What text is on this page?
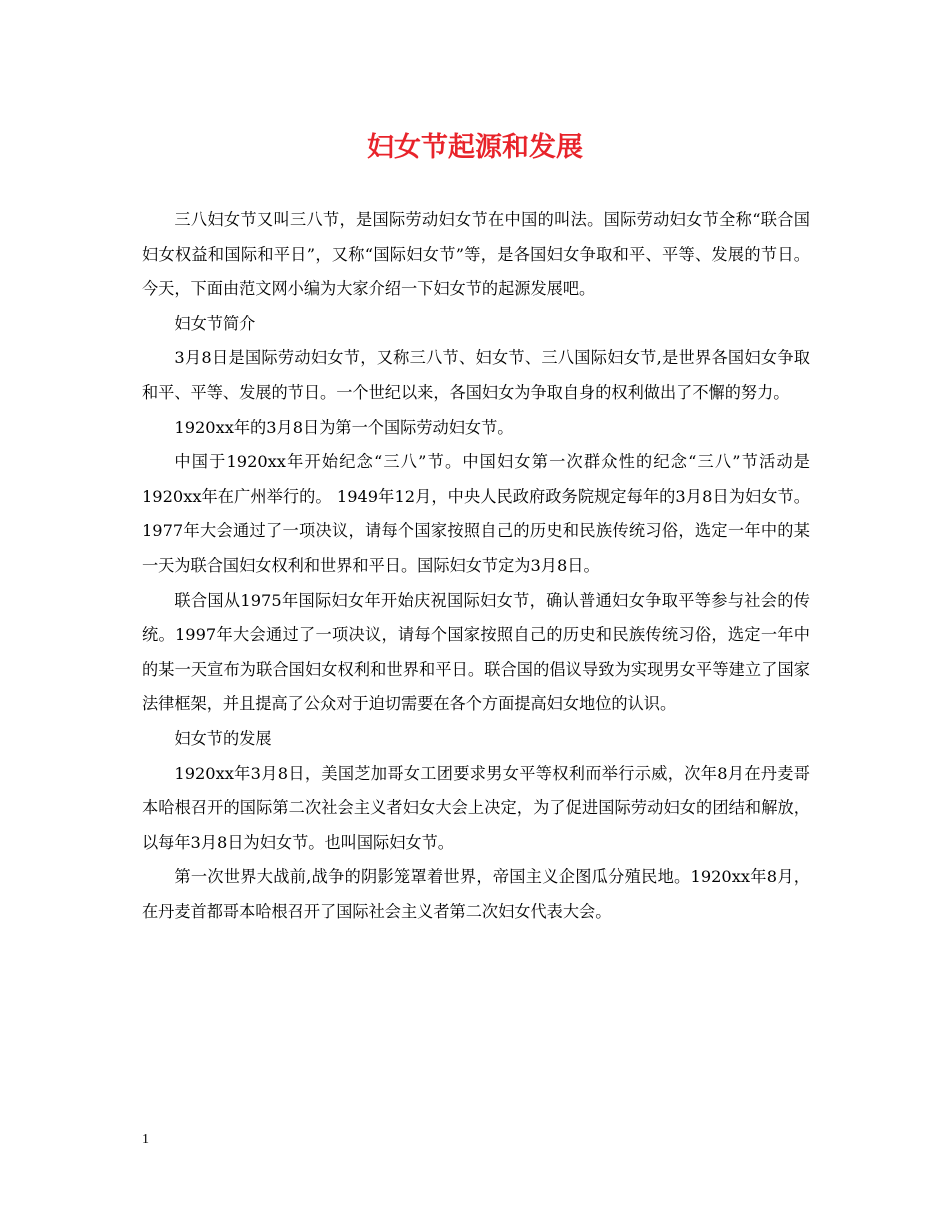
妇女节起源和发展

三八妇女节又叫三八节，是国际劳动妇女节在中国的叫法。国际劳动妇女节全称“联合国妇女权益和国际和平日”，又称“国际妇女节”等，是各国妇女争取和平、平等、发展的节日。今天，下面由范文网小编为大家介绍一下妇女节的起源发展吧。

妇女节简介

3月8日是国际劳动妇女节，又称三八节、妇女节、三八国际妇女节,是世界各国妇女争取和平、平等、发展的节日。一个世纪以来，各国妇女为争取自身的权利做出了不懈的努力。

1920xx年的3月8日为第一个国际劳动妇女节。

中国于1920xx年开始纪念“三八”节。中国妇女第一次群众性的纪念“三八”节活动是1920xx年在广州举行的。 1949年12月，中央人民政府政务院规定每年的3月8日为妇女节。1977年大会通过了一项决议，请每个国家按照自己的历史和民族传统习俗，选定一年中的某一天为联合国妇女权利和世界和平日。国际妇女节定为3月8日。

联合国从1975年国际妇女年开始庆祝国际妇女节，确认普通妇女争取平等参与社会的传统。1997年大会通过了一项决议，请每个国家按照自己的历史和民族传统习俗，选定一年中的某一天宣布为联合国妇女权利和世界和平日。联合国的倡议导致为实现男女平等建立了国家法律框架，并且提高了公众对于迫切需要在各个方面提高妇女地位的认识。

妇女节的发展

1920xx年3月8日，美国芝加哥女工团要求男女平等权利而举行示威，次年8月在丹麦哥本哈根召开的国际第二次社会主义者妇女大会上决定，为了促进国际劳动妇女的团结和解放，以每年3月8日为妇女节。也叫国际妇女节。

第一次世界大战前,战争的阴影笼罩着世界，帝国主义企图瓜分殖民地。1920xx年8月，在丹麦首都哥本哈根召开了国际社会主义者第二次妇女代表大会。

1
